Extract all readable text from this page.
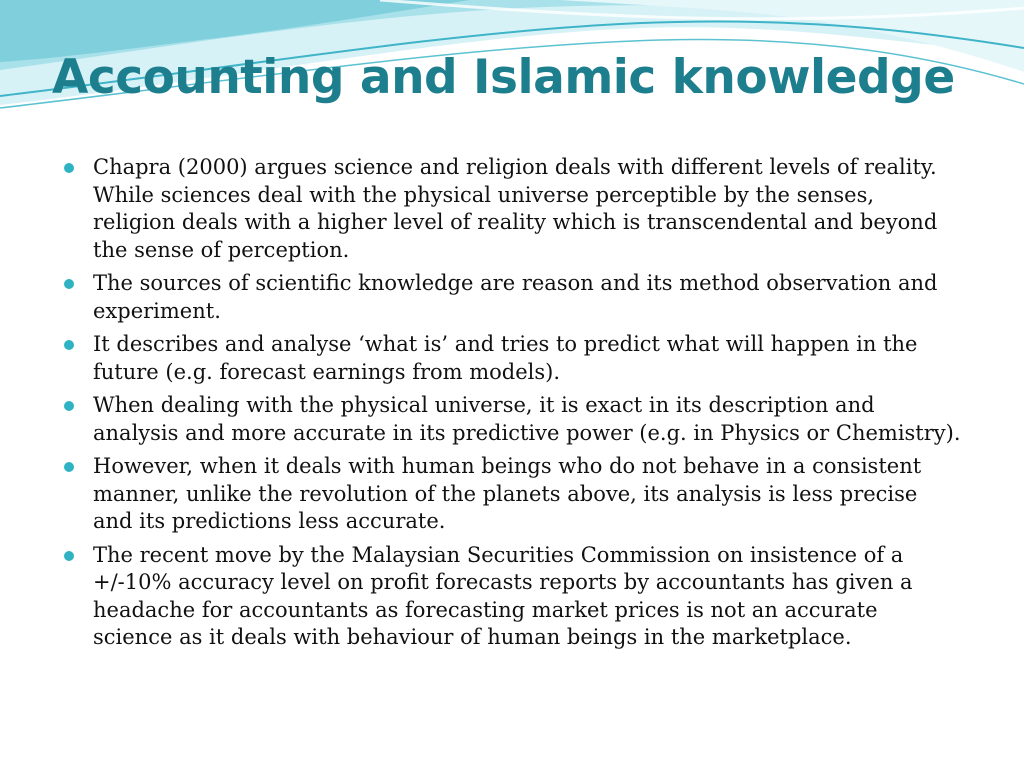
Accounting and Islamic knowledge
Chapra (2000) argues science and religion deals with different levels of reality. While sciences deal with the physical universe perceptible by the senses, religion deals with a higher level of reality which is transcendental and beyond the sense of perception.
The sources of scientific knowledge are reason and its method observation and experiment.
It describes and analyse ‘what is’ and tries to predict what will happen in the future (e.g. forecast earnings from models).
When dealing with the physical universe, it is exact in its description and analysis and more accurate in its predictive power (e.g. in Physics or Chemistry).
However, when it deals with human beings who do not behave in a consistent manner, unlike the revolution of the planets above, its analysis is less precise and its predictions less accurate.
The recent move by the Malaysian Securities Commission on insistence of a +/-10% accuracy level on profit forecasts reports by accountants has given a headache for accountants as forecasting market prices is not an accurate science as it deals with behaviour of human beings in the marketplace.
